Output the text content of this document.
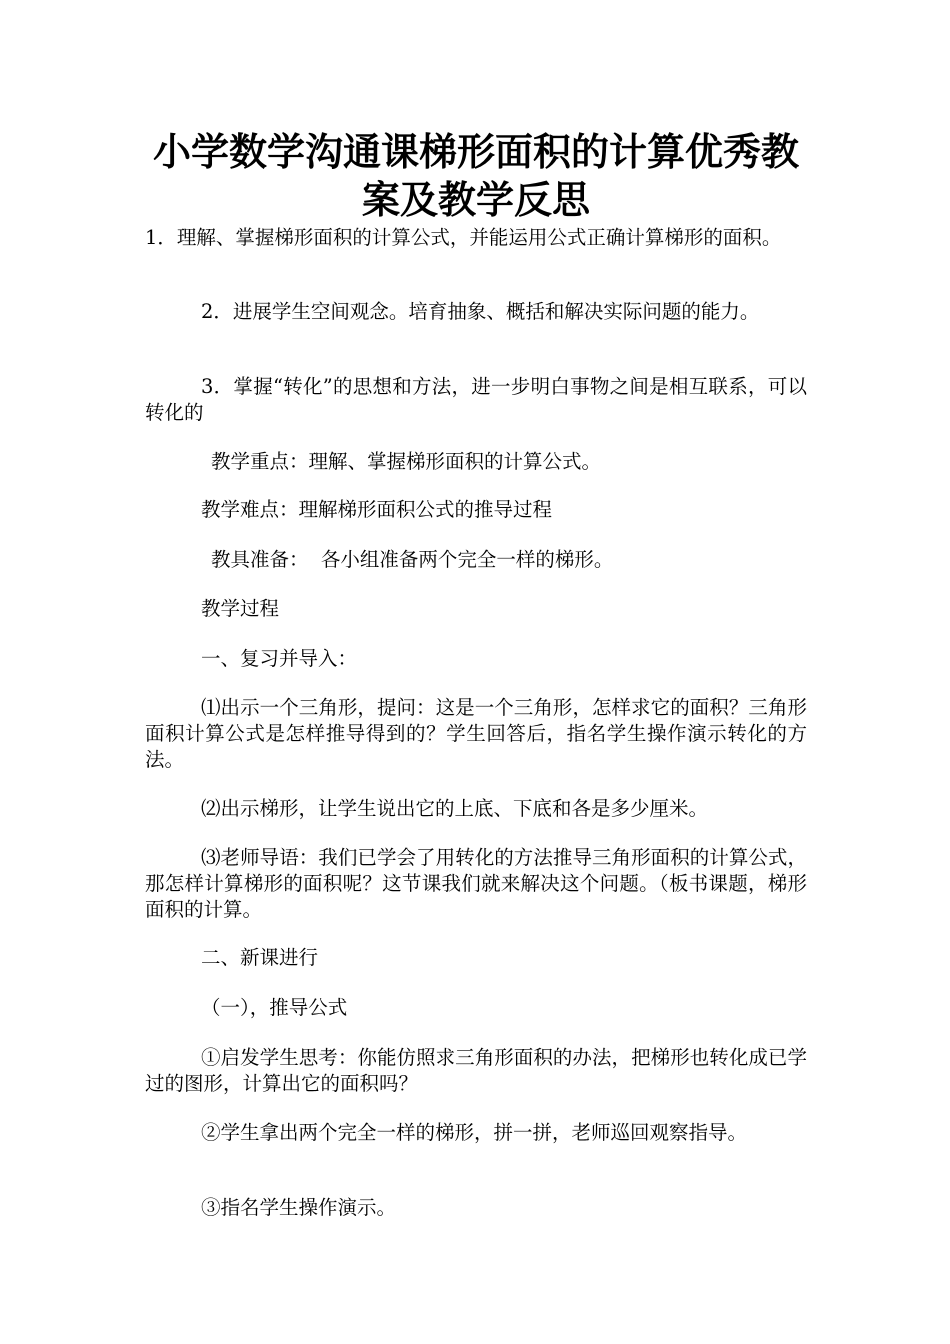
小学数学沟通课梯形面积的计算优秀教案及教学反思

1．理解、掌握梯形面积的计算公式，并能运用公式正确计算梯形的面积。

2．进展学生空间观念。培育抽象、概括和解决实际问题的能力。

3．掌握“转化”的思想和方法，进一步明白事物之间是相互联系，可以转化的

教学重点：理解、掌握梯形面积的计算公式。

教学难点：理解梯形面积公式的推导过程

教具准备：  各小组准备两个完全一样的梯形。

教学过程

一、复习并导入：

⑴出示一个三角形，提问：这是一个三角形，怎样求它的面积？三角形面积计算公式是怎样推导得到的？学生回答后，指名学生操作演示转化的方法。

⑵出示梯形，让学生说出它的上底、下底和各是多少厘米。

⑶老师导语：我们已学会了用转化的方法推导三角形面积的计算公式，那怎样计算梯形的面积呢？这节课我们就来解决这个问题。（板书课题，梯形面积的计算。

二、新课进行

（一），推导公式

①启发学生思考：你能仿照求三角形面积的办法，把梯形也转化成已学过的图形，计算出它的面积吗？

②学生拿出两个完全一样的梯形，拼一拼，老师巡回观察指导。

③指名学生操作演示。
